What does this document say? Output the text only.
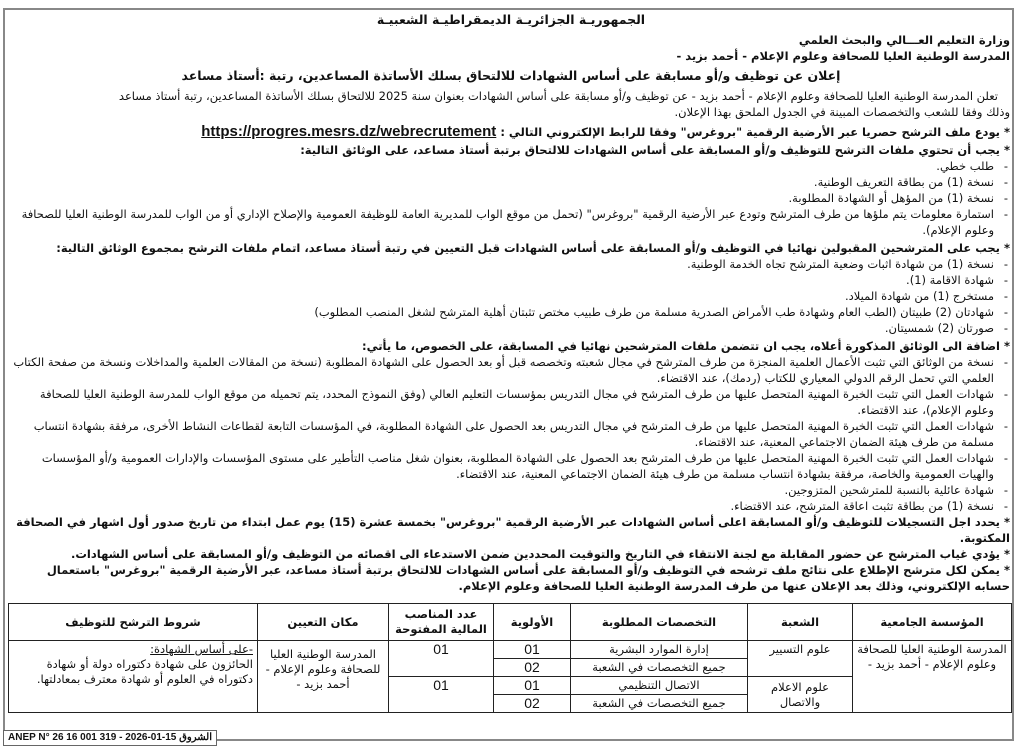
الجمهوريـة الجزائريـة الديمقراطيـة الشعبيـة
وزارة التعليم العـــالي والبحث العلمي
المدرسة الوطنية العليا للصحافة وعلوم الإعلام - أحمد بزيد -
إعلان عن توظيف و/أو مسابقة على أساس الشهادات للالتحاق بسلك الأساتذة المساعدين، رتبة :أستاذ مساعد
تعلن المدرسة الوطنية العليا للصحافة وعلوم الإعلام - أحمد بزيد - عن توظيف و/أو مسابقة على أساس الشهادات بعنوان سنة 2025 للالتحاق بسلك الأساتذة المساعدين، رتبة أستاذ مساعد
وذلك وفقا للشعب والتخصصات المبينة في الجدول الملحق بهذا الإعلان.
* يودع ملف الترشح حصريا عبر الأرضية الرقمية "بروغرس" وفقا للرابط الإلكتروني التالي : https://progres.mesrs.dz/webrecrutement
* يجب أن تحتوي ملفات الترشح للتوظيف و/أو المسابقة على أساس الشهادات للالتحاق برتبة أستاذ مساعد، على الوثائق التالية:
- طلب خطي.
- نسخة (1) من بطاقة التعريف الوطنية.
- نسخة (1) من المؤهل أو الشهادة المطلوبة.
- استمارة معلومات يتم ملؤها من طرف المترشح وتودع عبر الأرضية الرقمية "بروغرس" (تحمل من موقع الواب للمديرية العامة للوظيفة العمومية والإصلاح الإداري أو من الواب للمدرسة الوطنية العليا للصحافة وعلوم الإعلام).
* يجب على المترشحين المقبولين نهائيا في التوظيف و/أو المسابقة على أساس الشهادات قبل التعيين في رتبة أستاذ مساعد، اتمام ملفات الترشح بمجموع الوثائق التالية:
- نسخة (1) من شهادة اثبات وضعية المترشح تجاه الخدمة الوطنية.
- شهادة الاقامة (1).
- مستخرج (1) من شهادة الميلاد.
- شهادتان (2) طبيتان (الطب العام وشهادة طب الأمراض الصدرية مسلمة من طرف طبيب مختص تثبتان أهلية المترشح لشغل المنصب المطلوب)
- صورتان (2) شمسيتان.
* اضافة الى الوثائق المذكورة أعلاه، يجب ان تتضمن ملفات المترشحين نهائيا في المسابقة، على الخصوص، ما يأتي:
- نسخة من الوثائق التي تثبت الأعمال العلمية المنجزة من طرف المترشح في مجال شعبته وتخصصه قبل أو بعد الحصول على الشهادة المطلوبة (نسخة من المقالات العلمية والمداخلات ونسخة من صفحة الكتاب العلمي التي تحمل الرقم الدولي المعياري للكتاب (ردمك)، عند الاقتضاء.
- شهادات العمل التي تثبت الخبرة المهنية المتحصل عليها من طرف المترشح في مجال التدريس بمؤسسات التعليم العالي (وفق النموذج المحدد، يتم تحميله من موقع الواب للمدرسة الوطنية العليا للصحافة وعلوم الإعلام)، عند الاقتضاء.
- شهادات العمل التي تثبت الخبرة المهنية المتحصل عليها من طرف المترشح في مجال التدريس بعد الحصول على الشهادة المطلوبة، في المؤسسات التابعة لقطاعات النشاط الأخرى، مرفقة بشهادة انتساب مسلمة من طرف هيئة الضمان الاجتماعي المعنية، عند الاقتضاء.
- شهادات العمل التي تثبت الخبرة المهنية المتحصل عليها من طرف المترشح بعد الحصول على الشهادة المطلوبة، بعنوان شغل مناصب التأطير على مستوى المؤسسات والإدارات العمومية و/أو المؤسسات والهيات العمومية والخاصة، مرفقة بشهادة انتساب مسلمة من طرف هيئة الضمان الاجتماعي المعنية، عند الاقتضاء.
- شهادة عائلية بالنسبة للمترشحين المتزوجين.
- نسخة (1) من بطاقة تثبت اعاقة المترشح، عند الاقتضاء.
* يحدد اجل التسجيلات للتوظيف و/أو المسابقة اعلى أساس الشهادات عبر الأرضية الرقمية "بروغرس" بخمسة عشرة (15) يوم عمل ابتداء من تاريخ صدور أول اشهار في الصحافة المكتوبة.
* يؤدي غياب المترشح عن حضور المقابلة مع لجنة الانتقاء في التاريخ والتوقيت المحددين ضمن الاستدعاء الى اقصائه من التوظيف و/أو المسابقة على أساس الشهادات.
* يمكن لكل مترشح الإطلاع على نتائج ملف ترشحه في التوظيف و/أو المسابقة على أساس الشهادات للالتحاق برتبة أستاذ مساعد، عبر الأرضية الرقمية "بروغرس" باستعمال حسابه الإلكتروني، وذلك بعد الإعلان عنها من طرف المدرسة الوطنية العليا للصحافة وعلوم الإعلام.
المؤسسة الجامعية	الشعبة	التخصصات المطلوبة	الأولوية	عدد المناصب المالية المفتوحة	مكان التعيين	شروط الترشح للتوظيف
المدرسة الوطنية العليا للصحافة وعلوم الإعلام - أحمد بزيد -	علوم التسيير	إدارة الموارد البشرية	01	01	المدرسة الوطنية العليا للصحافة وعلوم الإعلام - أحمد بزيد -	-على أساس الشهادة:
الحائزون على شهادة دكتوراه دولة أو شهادة دكتوراه في العلوم أو شهادة معترف بمعادلتها.

		جميع التخصصات في الشعبة	02			
	علوم الاعلام والاتصال	الاتصال التنظيمي	01	01		
		جميع التخصصات في الشعبة	02			
ANEP N° 26 16 001 319 - 2026-01-15 الشروق
